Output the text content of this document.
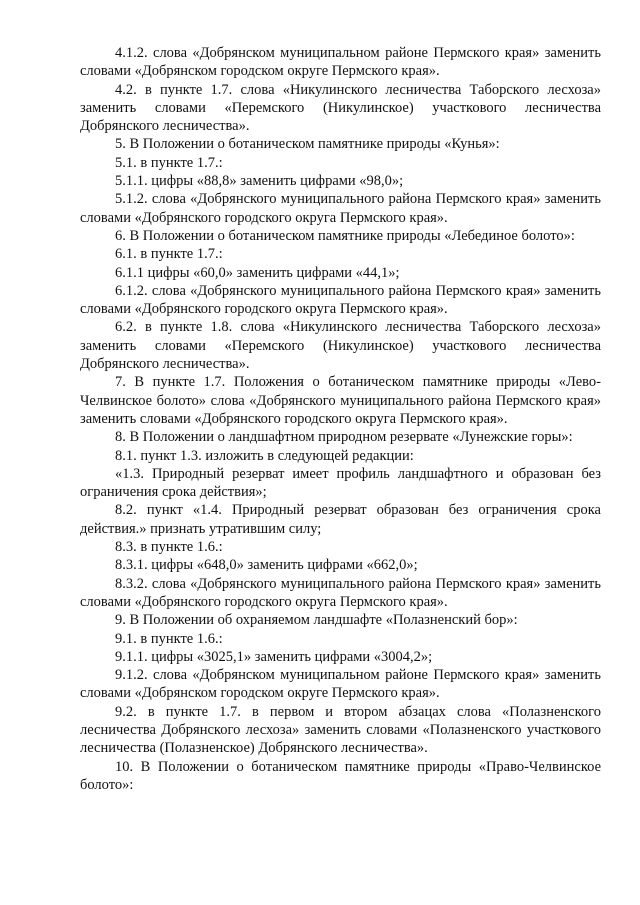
4.1.2. слова «Добрянском муниципальном районе Пермского края» заменить словами «Добрянском городском округе Пермского края».

4.2. в пункте 1.7. слова «Никулинского лесничества Таборского лесхоза» заменить словами «Перемского (Никулинское) участкового лесничества Добрянского лесничества».

5. В Положении о ботаническом памятнике природы «Кунья»:

5.1. в пункте 1.7.:

5.1.1. цифры «88,8» заменить цифрами «98,0»;

5.1.2. слова «Добрянского муниципального района Пермского края» заменить словами «Добрянского городского округа Пермского края».

6. В Положении о ботаническом памятнике природы «Лебединое болото»:

6.1. в пункте 1.7.:

6.1.1 цифры «60,0» заменить цифрами «44,1»;

6.1.2. слова «Добрянского муниципального района Пермского края» заменить словами «Добрянского городского округа Пермского края».

6.2. в пункте 1.8. слова «Никулинского лесничества Таборского лесхоза» заменить словами «Перемского (Никулинское) участкового лесничества Добрянского лесничества».

7. В пункте 1.7. Положения о ботаническом памятнике природы «Лево-Челвинское болото» слова «Добрянского муниципального района Пермского края» заменить словами «Добрянского городского округа Пермского края».

8. В Положении о ландшафтном природном резервате «Лунежские горы»:

8.1. пункт 1.3. изложить в следующей редакции:

«1.3. Природный резерват имеет профиль ландшафтного и образован без ограничения срока действия»;

8.2. пункт «1.4. Природный резерват образован без ограничения срока действия.» признать утратившим силу;

8.3. в пункте 1.6.:

8.3.1. цифры «648,0» заменить цифрами «662,0»;

8.3.2. слова «Добрянского муниципального района Пермского края» заменить словами «Добрянского городского округа Пермского края».

9. В Положении об охраняемом ландшафте «Полазненский бор»:

9.1. в пункте 1.6.:

9.1.1. цифры «3025,1» заменить цифрами «3004,2»;

9.1.2. слова «Добрянском муниципальном районе Пермского края» заменить словами «Добрянском городском округе Пермского края».

9.2. в пункте 1.7. в первом и втором абзацах слова «Полазненского лесничества Добрянского лесхоза» заменить словами «Полазненского участкового лесничества (Полазненское) Добрянского лесничества».

10. В Положении о ботаническом памятнике природы «Право-Челвинское болото»:
